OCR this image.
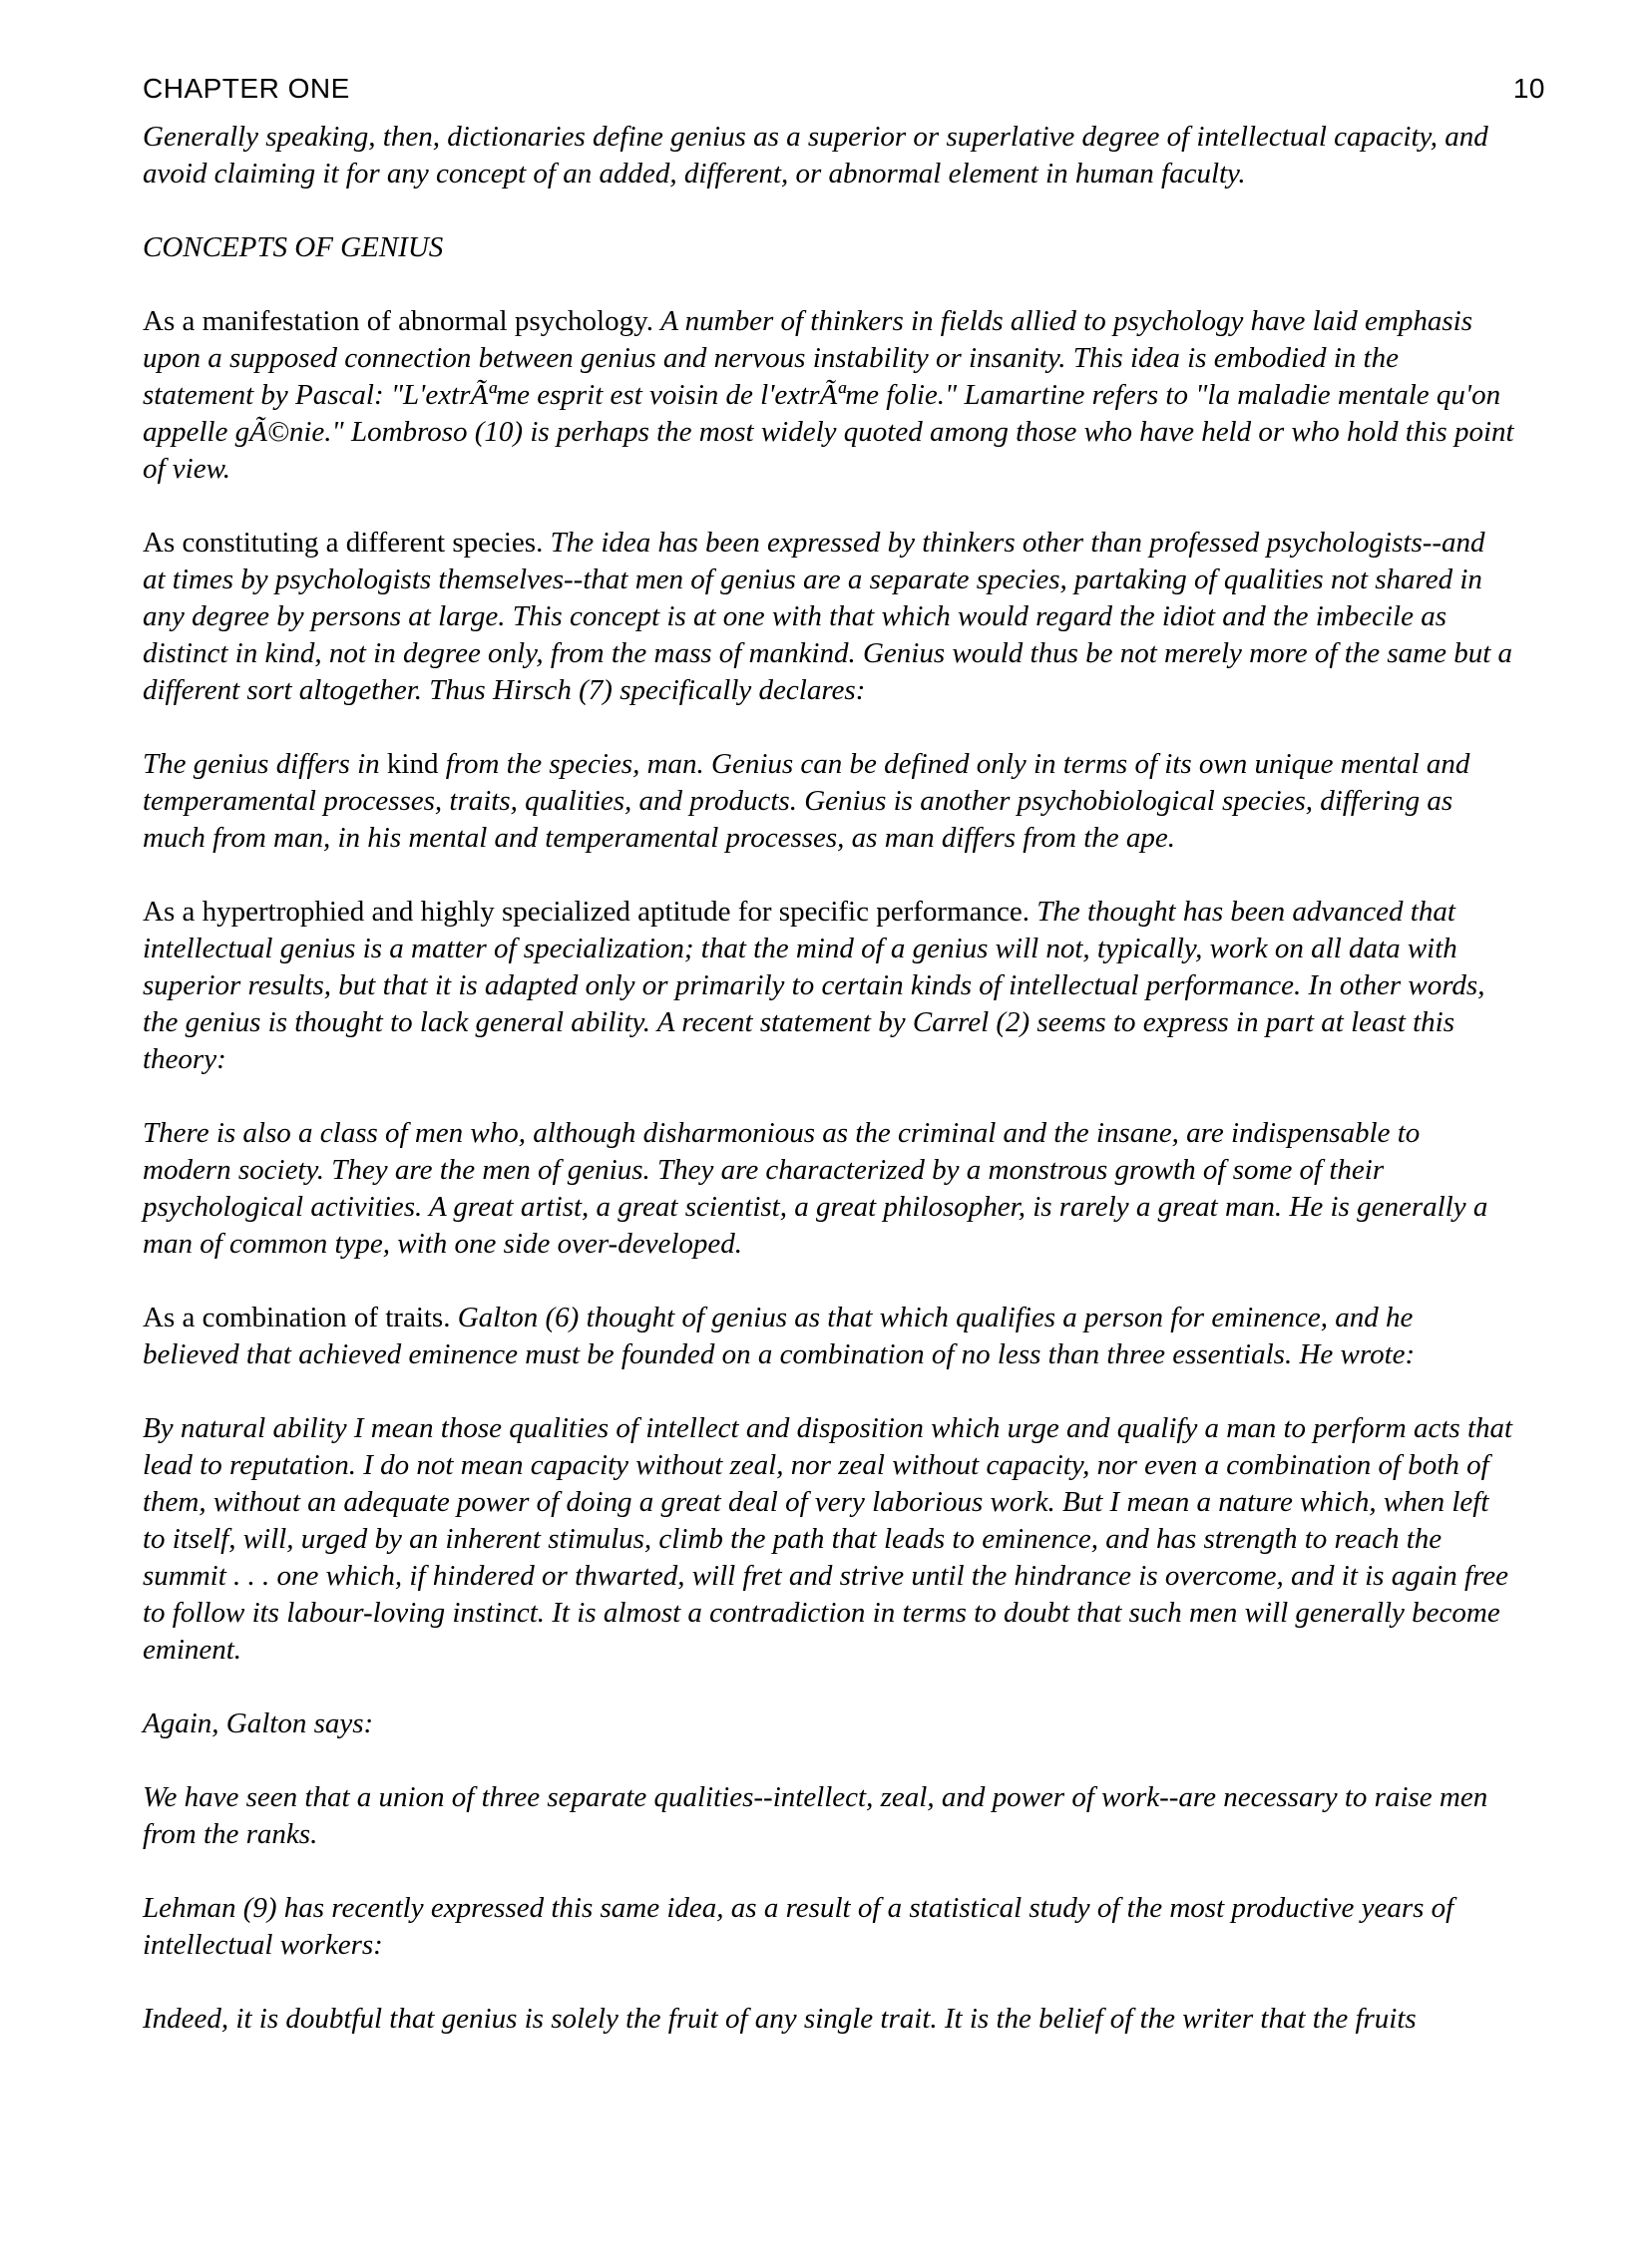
CHAPTER ONE	10

Generally speaking, then, dictionaries define genius as a superior or superlative degree of intellectual capacity, and avoid claiming it for any concept of an added, different, or abnormal element in human faculty.

CONCEPTS OF GENIUS

As a manifestation of abnormal psychology. A number of thinkers in fields allied to psychology have laid emphasis upon a supposed connection between genius and nervous instability or insanity. This idea is embodied in the statement by Pascal: "L'extrÃªme esprit est voisin de l'extrÃªme folie." Lamartine refers to "la maladie mentale qu'on appelle gÃ©nie." Lombroso (10) is perhaps the most widely quoted among those who have held or who hold this point of view.

As constituting a different species. The idea has been expressed by thinkers other than professed psychologists--and at times by psychologists themselves--that men of genius are a separate species, partaking of qualities not shared in any degree by persons at large. This concept is at one with that which would regard the idiot and the imbecile as distinct in kind, not in degree only, from the mass of mankind. Genius would thus be not merely more of the same but a different sort altogether. Thus Hirsch (7) specifically declares:

The genius differs in kind from the species, man. Genius can be defined only in terms of its own unique mental and temperamental processes, traits, qualities, and products. Genius is another psychobiological species, differing as much from man, in his mental and temperamental processes, as man differs from the ape.

As a hypertrophied and highly specialized aptitude for specific performance. The thought has been advanced that intellectual genius is a matter of specialization; that the mind of a genius will not, typically, work on all data with superior results, but that it is adapted only or primarily to certain kinds of intellectual performance. In other words, the genius is thought to lack general ability. A recent statement by Carrel (2) seems to express in part at least this theory:

There is also a class of men who, although disharmonious as the criminal and the insane, are indispensable to modern society. They are the men of genius. They are characterized by a monstrous growth of some of their psychological activities. A great artist, a great scientist, a great philosopher, is rarely a great man. He is generally a man of common type, with one side over-developed.

As a combination of traits. Galton (6) thought of genius as that which qualifies a person for eminence, and he believed that achieved eminence must be founded on a combination of no less than three essentials. He wrote:

By natural ability I mean those qualities of intellect and disposition which urge and qualify a man to perform acts that lead to reputation. I do not mean capacity without zeal, nor zeal without capacity, nor even a combination of both of them, without an adequate power of doing a great deal of very laborious work. But I mean a nature which, when left to itself, will, urged by an inherent stimulus, climb the path that leads to eminence, and has strength to reach the summit . . . one which, if hindered or thwarted, will fret and strive until the hindrance is overcome, and it is again free to follow its labour-loving instinct. It is almost a contradiction in terms to doubt that such men will generally become eminent.

Again, Galton says:

We have seen that a union of three separate qualities--intellect, zeal, and power of work--are necessary to raise men from the ranks.

Lehman (9) has recently expressed this same idea, as a result of a statistical study of the most productive years of intellectual workers:

Indeed, it is doubtful that genius is solely the fruit of any single trait. It is the belief of the writer that the fruits
